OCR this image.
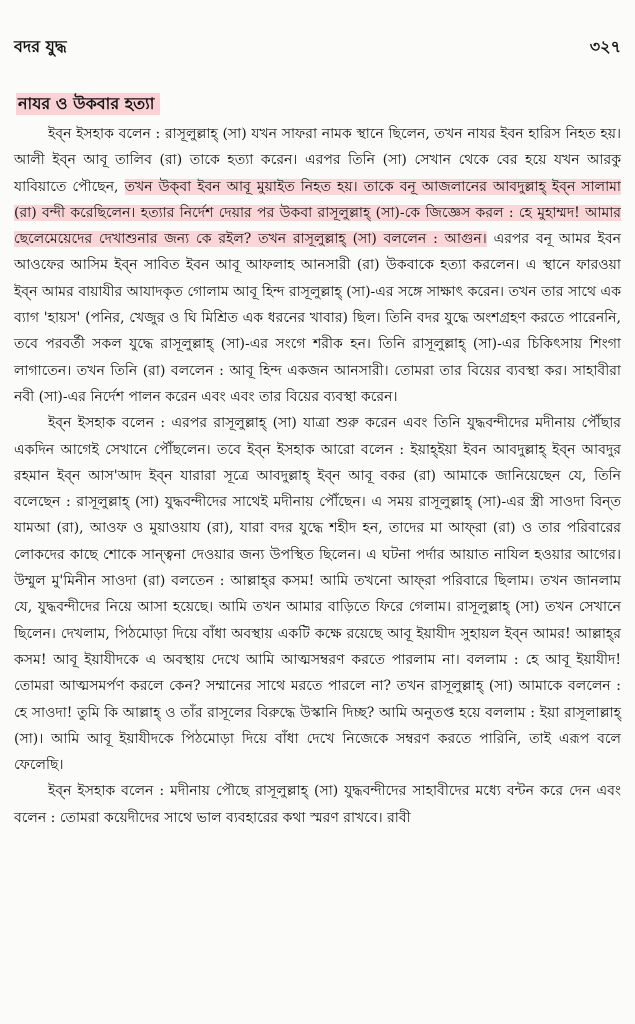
বদর যুদ্ধ	৩২৭
নাযর ও উকবার হত্যা

ইব্‌ন ইসহাক বলেন : রাসূলুল্লাহ্ (সা) যখন সাফরা নামক স্থানে ছিলেন, তখন নাযর ইবন হারিস নিহত হয়। আলী ইব্‌ন আবূ তালিব (রা) তাকে হত্যা করেন। এরপর তিনি (সা) সেখান থেকে বের হয়ে যখন আরকু যাবিয়াতে পৌছেন, তখন উক্‌বা ইবন আবূ মুয়াইত নিহত হয়। তাকে বনূ আজলানের আবদুল্লাহ্ ইব্‌ন সালামা (রা) বন্দী করেছিলেন। হত্যার নির্দেশ দেয়ার পর উকবা রাসূলুল্লাহ্ (সা)-কে জিজ্ঞেস করল : হে মুহাম্মদ! আমার ছেলেমেয়েদের দেখাশুনার জন্য কে রইল? তখন রাসূলুল্লাহ্ (সা) বললেন : আগুন। এরপর বনূ আমর ইবন আওফের আসিম ইব্‌ন সাবিত ইবন আবূ আফলাহ আনসারী (রা) উকবাকে হত্যা করলেন। এ স্থানে ফারওয়া ইব্‌ন আমর বায়াযীর আযাদকৃত গোলাম আবূ হিন্দ রাসূলুল্লাহ্ (সা)-এর সঙ্গে সাক্ষাৎ করেন। তখন তার সাথে এক ব্যাগ 'হায়স' (পনির, খেজুর ও ঘি মিশ্রিত এক ধরনের খাবার) ছিল। তিনি বদর যুদ্ধে অংশগ্রহণ করতে পারেননি, তবে পরবর্তী সকল যুদ্ধে রাসূলুল্লাহ্ (সা)-এর সংগে শরীক হন। তিনি রাসূলুল্লাহ্ (সা)-এর চিকিৎসায় শিংগা লাগাতেন। তখন তিনি (রা) বললেন : আবূ হিন্দ একজন আনসারী। তোমরা তার বিয়ের ব্যবস্থা কর। সাহাবীরা নবী (সা)-এর নির্দেশ পালন করেন এবং এবং তার বিয়ের ব্যবস্থা করেন।

ইব্‌ন ইসহাক বলেন : এরপর রাসূলুল্লাহ্ (সা) যাত্রা শুরু করেন এবং তিনি যুদ্ধবন্দীদের মদীনায় পৌঁছার একদিন আগেই সেখানে পৌঁছলেন। তবে ইব্‌ন ইসহাক আরো বলেন : ইয়াহ্ইয়া ইবন আবদুল্লাহ্ ইব্‌ন আবদুর রহমান ইব্‌ন আস'আদ ইব্‌ন যারারা সূত্রে আবদুল্লাহ্ ইব্‌ন আবূ বকর (রা) আমাকে জানিয়েছেন যে, তিনি বলেছেন : রাসূলুল্লাহ্ (সা) যুদ্ধবন্দীদের সাথেই মদীনায় পৌঁছেন। এ সময় রাসূলুল্লাহ্ (সা)-এর স্ত্রী সাওদা বিন্‌ত যামআ (রা), আওফ ও মুয়াওয়ায (রা), যারা বদর যুদ্ধে শহীদ হন, তাদের মা আফ্‌রা (রা) ও তার পরিবারের লোকদের কাছে শোকে সান্ত্বনা দেওয়ার জন্য উপস্থিত ছিলেন। এ ঘটনা পর্দার আয়াত নাযিল হওয়ার আগের। উম্মুল মু'মিনীন সাওদা (রা) বলতেন : আল্লাহ্‌র কসম! আমি তখনো আফ্‌রা পরিবারে ছিলাম। তখন জানলাম যে, যুদ্ধবন্দীদের নিয়ে আসা হয়েছে। আমি তখন আমার বাড়িতে ফিরে গেলাম। রাসূলুল্লাহ্ (সা) তখন সেখানে ছিলেন। দেখলাম, পিঠমোড়া দিয়ে বাঁধা অবস্থায় একটি কক্ষে রয়েছে আবূ ইয়াযীদ সুহায়ল ইব্‌ন আমর! আল্লাহ্‌র কসম! আবূ ইয়াযীদকে এ অবস্থায় দেখে আমি আত্মসম্বরণ করতে পারলাম না। বললাম : হে আবূ ইয়াযীদ! তোমরা আত্মসমর্পণ করলে কেন? সম্মানের সাথে মরতে পারলে না? তখন রাসূলুল্লাহ্ (সা) আমাকে বললেন : হে সাওদা! তুমি কি আল্লাহ্ ও তাঁর রাসূলের বিরুদ্ধে উস্কানি দিচ্ছ? আমি অনুতপ্ত হয়ে বললাম : ইয়া রাসূলাল্লাহ্ (সা)। আমি আবূ ইয়াযীদকে পিঠমোড়া দিয়ে বাঁধা দেখে নিজেকে সম্বরণ করতে পারিনি, তাই এরূপ বলে ফেলেছি।

ইব্‌ন ইসহাক বলেন : মদীনায় পৌছে রাসূলুল্লাহ্ (সা) যুদ্ধবন্দীদের সাহাবীদের মধ্যে বন্টন করে দেন এবং বলেন : তোমরা কয়েদীদের সাথে ভাল ব্যবহারের কথা স্মরণ রাখবে। রাবী
